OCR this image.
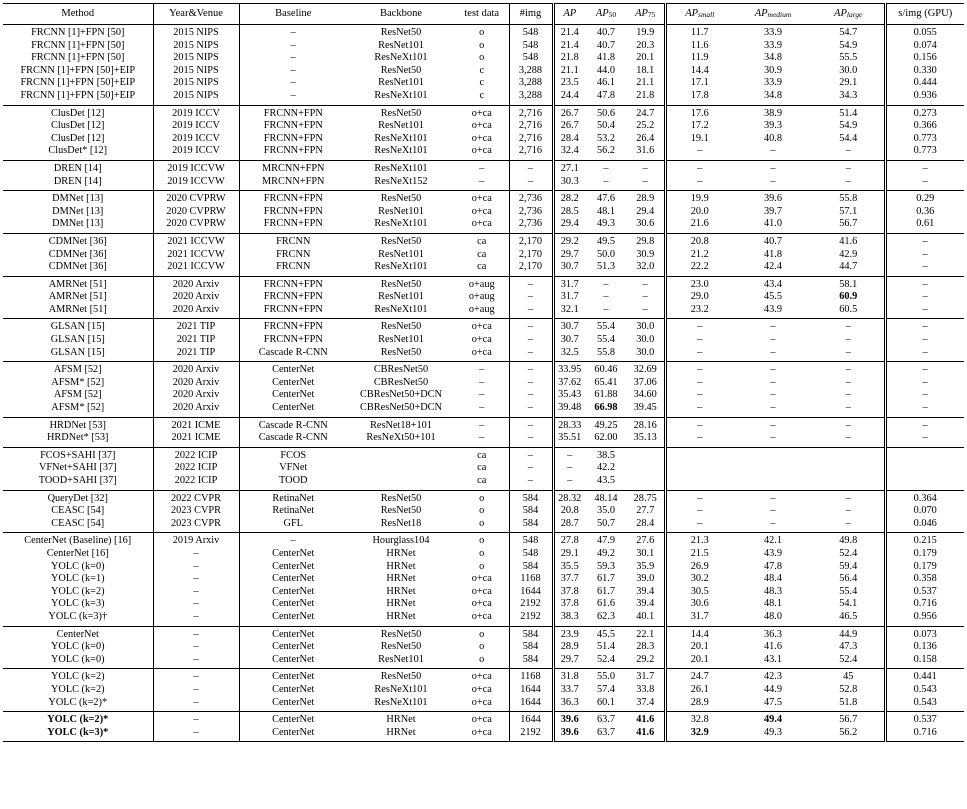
Method	Year&Venue	Baseline	Backbone	test data	#img	AP	$AP_{50}$	$AP_{75}$	$AP_{small}$	$AP_{medium}$	$AP_{large}$	s/img (GPU)
FRCNN [1]+FPN [50]	2015 NIPS	–	ResNet50	o	548	21.4	40.7	19.9	11.7	33.9	54.7	0.055
FRCNN [1]+FPN [50]	2015 NIPS	–	ResNet101	o	548	21.4	40.7	20.3	11.6	33.9	54.9	0.074
FRCNN [1]+FPN [50]	2015 NIPS	–	ResNeXt101	o	548	21.8	41.8	20.1	11.9	34.8	55.5	0.156
FRCNN [1]+FPN [50]+EIP	2015 NIPS	–	ResNet50	c	3,288	21.1	44.0	18.1	14.4	30.9	30.0	0.330
FRCNN [1]+FPN [50]+EIP	2015 NIPS	–	ResNet101	c	3,288	23.5	46.1	21.1	17.1	33.9	29.1	0.444
FRCNN [1]+FPN [50]+EIP	2015 NIPS	–	ResNeXt101	c	3,288	24.4	47.8	21.8	17.8	34.8	34.3	0.936
ClusDet [12]	2019 ICCV	FRCNN+FPN	ResNet50	o+ca	2,716	26.7	50.6	24.7	17.6	38.9	51.4	0.273
ClusDet [12]	2019 ICCV	FRCNN+FPN	ResNet101	o+ca	2,716	26.7	50.4	25.2	17.2	39.3	54.9	0.366
ClusDet [12]	2019 ICCV	FRCNN+FPN	ResNeXt101	o+ca	2,716	28.4	53.2	26.4	19.1	40.8	54.4	0.773
ClusDet* [12]	2019 ICCV	FRCNN+FPN	ResNeXt101	o+ca	2,716	32.4	56.2	31.6	–	–	–	0.773
DREN [14]	2019 ICCVW	MRCNN+FPN	ResNeXt101	–	–	27.1	–	–	–	–	–	–
DREN [14]	2019 ICCVW	MRCNN+FPN	ResNeXt152	–	–	30.3	–	–	–	–	–	–
DMNet [13]	2020 CVPRW	FRCNN+FPN	ResNet50	o+ca	2,736	28.2	47.6	28.9	19.9	39.6	55.8	0.29
DMNet [13]	2020 CVPRW	FRCNN+FPN	ResNet101	o+ca	2,736	28.5	48.1	29.4	20.0	39.7	57.1	0.36
DMNet [13]	2020 CVPRW	FRCNN+FPN	ResNeXt101	o+ca	2,736	29.4	49.3	30.6	21.6	41.0	56.7	0.61
CDMNet [36]	2021 ICCVW	FRCNN	ResNet50	ca	2,170	29.2	49.5	29.8	20.8	40.7	41.6	–
CDMNet [36]	2021 ICCVW	FRCNN	ResNet101	ca	2,170	29.7	50.0	30.9	21.2	41.8	42.9	–
CDMNet [36]	2021 ICCVW	FRCNN	ResNeXt101	ca	2,170	30.7	51.3	32.0	22.2	42.4	44.7	–
AMRNet [51]	2020 Arxiv	FRCNN+FPN	ResNet50	o+aug	–	31.7	–	–	23.0	43.4	58.1	–
AMRNet [51]	2020 Arxiv	FRCNN+FPN	ResNet101	o+aug	–	31.7	–	–	29.0	45.5	60.9	–
AMRNet [51]	2020 Arxiv	FRCNN+FPN	ResNeXt101	o+aug	–	32.1	–	–	23.2	43.9	60.5	–
GLSAN [15]	2021 TIP	FRCNN+FPN	ResNet50	o+ca	–	30.7	55.4	30.0	–	–	–	–
GLSAN [15]	2021 TIP	FRCNN+FPN	ResNet101	o+ca	–	30.7	55.4	30.0	–	–	–	–
GLSAN [15]	2021 TIP	Cascade R-CNN	ResNet50	o+ca	–	32.5	55.8	30.0	–	–	–	–
AFSM [52]	2020 Arxiv	CenterNet	CBResNet50	–	–	33.95	60.46	32.69	–	–	–	–
AFSM* [52]	2020 Arxiv	CenterNet	CBResNet50	–	–	37.62	65.41	37.06	–	–	–	–
AFSM [52]	2020 Arxiv	CenterNet	CBResNet50+DCN	–	–	35.43	61.88	34.60	–	–	–	–
AFSM* [52]	2020 Arxiv	CenterNet	CBResNet50+DCN	–	–	39.48	66.98	39.45	–	–	–	–
HRDNet [53]	2021 ICME	Cascade R-CNN	ResNet18+101	–	–	28.33	49.25	28.16	–	–	–	–
HRDNet* [53]	2021 ICME	Cascade R-CNN	ResNeXt50+101	–	–	35.51	62.00	35.13	–	–	–	–
FCOS+SAHI [37]	2022 ICIP	FCOS		ca	–	–	38.5					
VFNet+SAHI [37]	2022 ICIP	VFNet		ca	–	–	42.2					
TOOD+SAHI [37]	2022 ICIP	TOOD		ca	–	–	43.5					
QueryDet [32]	2022 CVPR	RetinaNet	ResNet50	o	584	28.32	48.14	28.75	–	–	–	0.364
CEASC [54]	2023 CVPR	RetinaNet	ResNet50	o	584	20.8	35.0	27.7	–	–	–	0.070
CEASC [54]	2023 CVPR	GFL	ResNet18	o	584	28.7	50.7	28.4	–	–	–	0.046
CenterNet (Baseline) [16]	2019 Arxiv	–	Hourglass104	o	548	27.8	47.9	27.6	21.3	42.1	49.8	0.215
CenterNet [16]	–	CenterNet	HRNet	o	548	29.1	49.2	30.1	21.5	43.9	52.4	0.179
YOLC (k=0)	–	CenterNet	HRNet	o	584	35.5	59.3	35.9	26.9	47.8	59.4	0.179
YOLC (k=1)	–	CenterNet	HRNet	o+ca	1168	37.7	61.7	39.0	30.2	48.4	56.4	0.358
YOLC (k=2)	–	CenterNet	HRNet	o+ca	1644	37.8	61.7	39.4	30.5	48.3	55.4	0.537
YOLC (k=3)	–	CenterNet	HRNet	o+ca	2192	37.8	61.6	39.4	30.6	48.1	54.1	0.716
YOLC (k=3)†	–	CenterNet	HRNet	o+ca	2192	38.3	62.3	40.1	31.7	48.0	46.5	0.956
CenterNet	–	CenterNet	ResNet50	o	584	23.9	45.5	22.1	14.4	36.3	44.9	0.073
YOLC (k=0)	–	CenterNet	ResNet50	o	584	28.9	51.4	28.3	20.1	41.6	47.3	0.136
YOLC (k=0)	–	CenterNet	ResNet101	o	584	29.7	52.4	29.2	20.1	43.1	52.4	0.158
YOLC (k=2)	–	CenterNet	ResNet50	o+ca	1168	31.8	55.0	31.7	24.7	42.3	45	0.441
YOLC (k=2)	–	CenterNet	ResNeXt101	o+ca	1644	33.7	57.4	33.8	26.1	44.9	52.8	0.543
YOLC (k=2)*	–	CenterNet	ResNeXt101	o+ca	1644	36.3	60.1	37.4	28.9	47.5	51.8	0.543
YOLC (k=2)*	–	CenterNet	HRNet	o+ca	1644	39.6	63.7	41.6	32.8	49.4	56.7	0.537
YOLC (k=3)*	–	CenterNet	HRNet	o+ca	2192	39.6	63.7	41.6	32.9	49.3	56.2	0.716
